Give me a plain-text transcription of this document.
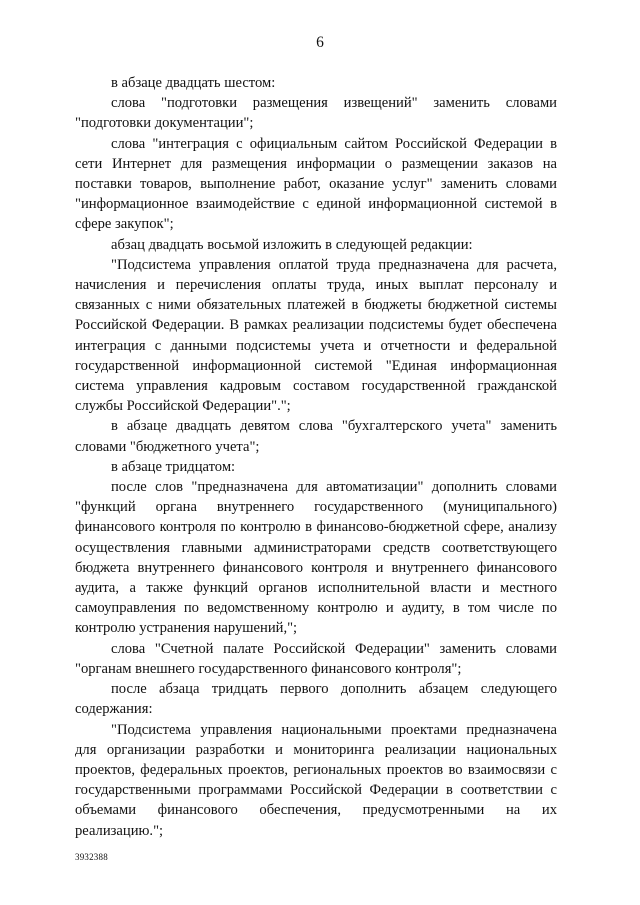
6

в абзаце двадцать шестом:

слова "подготовки размещения извещений" заменить словами "подготовки документации";

слова "интеграция с официальным сайтом Российской Федерации в сети Интернет для размещения информации о размещении заказов на поставки товаров, выполнение работ, оказание услуг" заменить словами "информационное взаимодействие с единой информационной системой в сфере закупок";

абзац двадцать восьмой изложить в следующей редакции:

"Подсистема управления оплатой труда предназначена для расчета, начисления и перечисления оплаты труда, иных выплат персоналу и связанных с ними обязательных платежей в бюджеты бюджетной системы Российской Федерации. В рамках реализации подсистемы будет обеспечена интеграция с данными подсистемы учета и отчетности и федеральной государственной информационной системой "Единая информационная система управления кадровым составом государственной гражданской службы Российской Федерации".";

в абзаце двадцать девятом слова "бухгалтерского учета" заменить словами "бюджетного учета";

в абзаце тридцатом:

после слов "предназначена для автоматизации" дополнить словами "функций органа внутреннего государственного (муниципального) финансового контроля по контролю в финансово-бюджетной сфере, анализу осуществления главными администраторами средств соответствующего бюджета внутреннего финансового контроля и внутреннего финансового аудита, а также функций органов исполнительной власти и местного самоуправления по ведомственному контролю и аудиту, в том числе по контролю устранения нарушений,";

слова "Счетной палате Российской Федерации" заменить словами "органам внешнего государственного финансового контроля";

после абзаца тридцать первого дополнить абзацем следующего содержания:

"Подсистема управления национальными проектами предназначена для организации разработки и мониторинга реализации национальных проектов, федеральных проектов, региональных проектов во взаимосвязи с государственными программами Российской Федерации в соответствии с объемами финансового обеспечения, предусмотренными на их реализацию.";

3932388
